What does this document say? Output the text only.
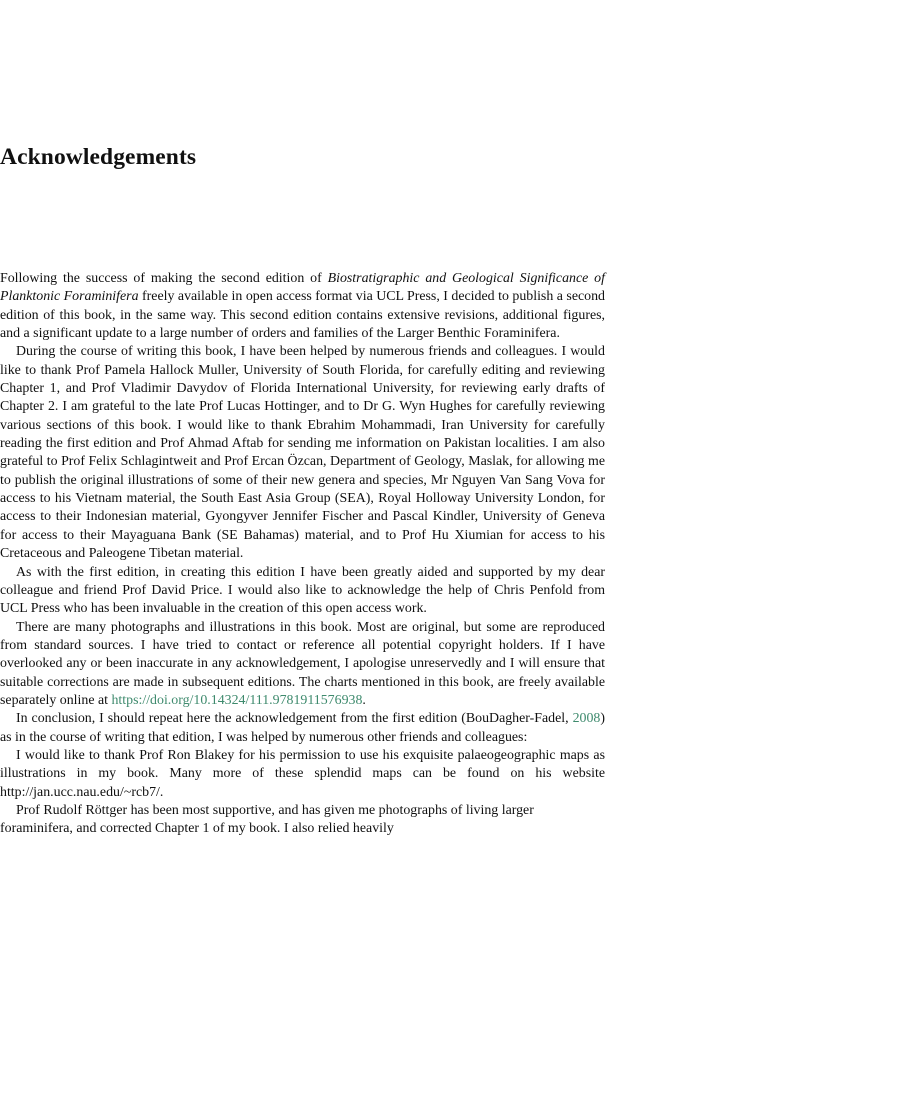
Acknowledgements

Following the success of making the second edition of Biostratigraphic and Geological Significance of Planktonic Foraminifera freely available in open access format via UCL Press, I decided to publish a second edition of this book, in the same way. This second edition contains extensive revisions, additional figures, and a significant update to a large number of orders and families of the Larger Benthic Foraminifera.

During the course of writing this book, I have been helped by numerous friends and colleagues. I would like to thank Prof Pamela Hallock Muller, University of South Florida, for carefully editing and reviewing Chapter 1, and Prof Vladimir Davydov of Florida International University, for reviewing early drafts of Chapter 2. I am grateful to the late Prof Lucas Hottinger, and to Dr G. Wyn Hughes for carefully reviewing various sections of this book. I would like to thank Ebrahim Mohammadi, Iran University for carefully reading the first edition and Prof Ahmad Aftab for sending me information on Pakistan localities. I am also grateful to Prof Felix Schlagintweit and Prof Ercan Özcan, Department of Geology, Maslak, for allowing me to publish the original illustrations of some of their new genera and species, Mr Nguyen Van Sang Vova for access to his Vietnam material, the South East Asia Group (SEA), Royal Holloway University London, for access to their Indonesian material, Gyongyver Jennifer Fischer and Pascal Kindler, University of Geneva for access to their Mayaguana Bank (SE Bahamas) material, and to Prof Hu Xiumian for access to his Cretaceous and Paleogene Tibetan material.

As with the first edition, in creating this edition I have been greatly aided and supported by my dear colleague and friend Prof David Price. I would also like to acknowledge the help of Chris Penfold from UCL Press who has been invaluable in the creation of this open access work.

There are many photographs and illustrations in this book. Most are original, but some are reproduced from standard sources. I have tried to contact or reference all potential copyright holders. If I have overlooked any or been inaccurate in any acknowledgement, I apologise unreservedly and I will ensure that suitable corrections are made in subsequent editions. The charts mentioned in this book, are freely available separately online at https://doi.org/10.14324/111.9781911576938.

In conclusion, I should repeat here the acknowledgement from the first edition (BouDagher-Fadel, 2008) as in the course of writing that edition, I was helped by numerous other friends and colleagues:

I would like to thank Prof Ron Blakey for his permission to use his exquisite palaeogeographic maps as illustrations in my book. Many more of these splendid maps can be found on his website http://jan.ucc.nau.edu/~rcb7/.

Prof Rudolf Röttger has been most supportive, and has given me photographs of living larger foraminifera, and corrected Chapter 1 of my book. I also relied heavily
